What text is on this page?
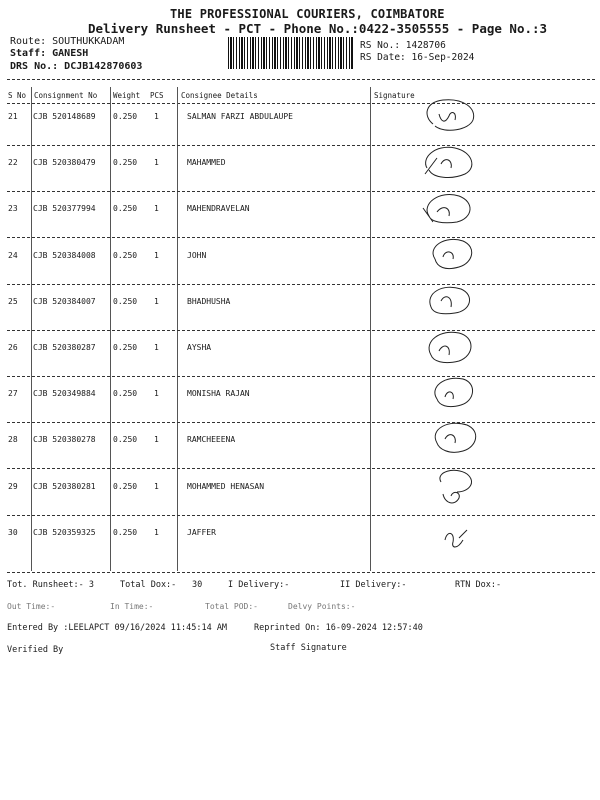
THE PROFESSIONAL COURIERS, COIMBATORE
Delivery Runsheet - PCT - Phone No.:0422-3505555 - Page No.:3
Route: SOUTHUKKADAM
Staff: GANESH
DRS No.: DCJB142870603
RS No.: 1428706
RS Date: 16-Sep-2024
S No Consignment No Weight PCS Consignee Details	Signature
21 CJB 520148689 0.250 1	SALMAN FARZI ABDULAUPE
22 CJB 520380479 0.250 1	MAHAMMED
23 CJB 520377994 0.250 1	MAHENDRAVELAN
24 CJB 520384008 0.250 1	JOHN
25 CJB 520384007 0.250 1	BHADHUSHA
26 CJB 520380287 0.250 1	AYSHA
27 CJB 520349884 0.250 1	MONISHA RAJAN
28 CJB 520380278 0.250 1	RAMCHEEENA
29 CJB 520380281 0.250 1	MOHAMMED HENASAN
30 CJB 520359325 0.250 1	JAFFER
Tot. Runsheet:- 3	Total Dox:- 30	I Delivery:-	II Delivery:-	RTN Dox:-
Out Time:-	In Time:-	Total POD:-	Delvy Points:-
Entered By :LEELAPCT 09/16/2024 11:45:14 AM	Reprinted On: 16-09-2024 12:57:40
Verified By	Staff Signature
